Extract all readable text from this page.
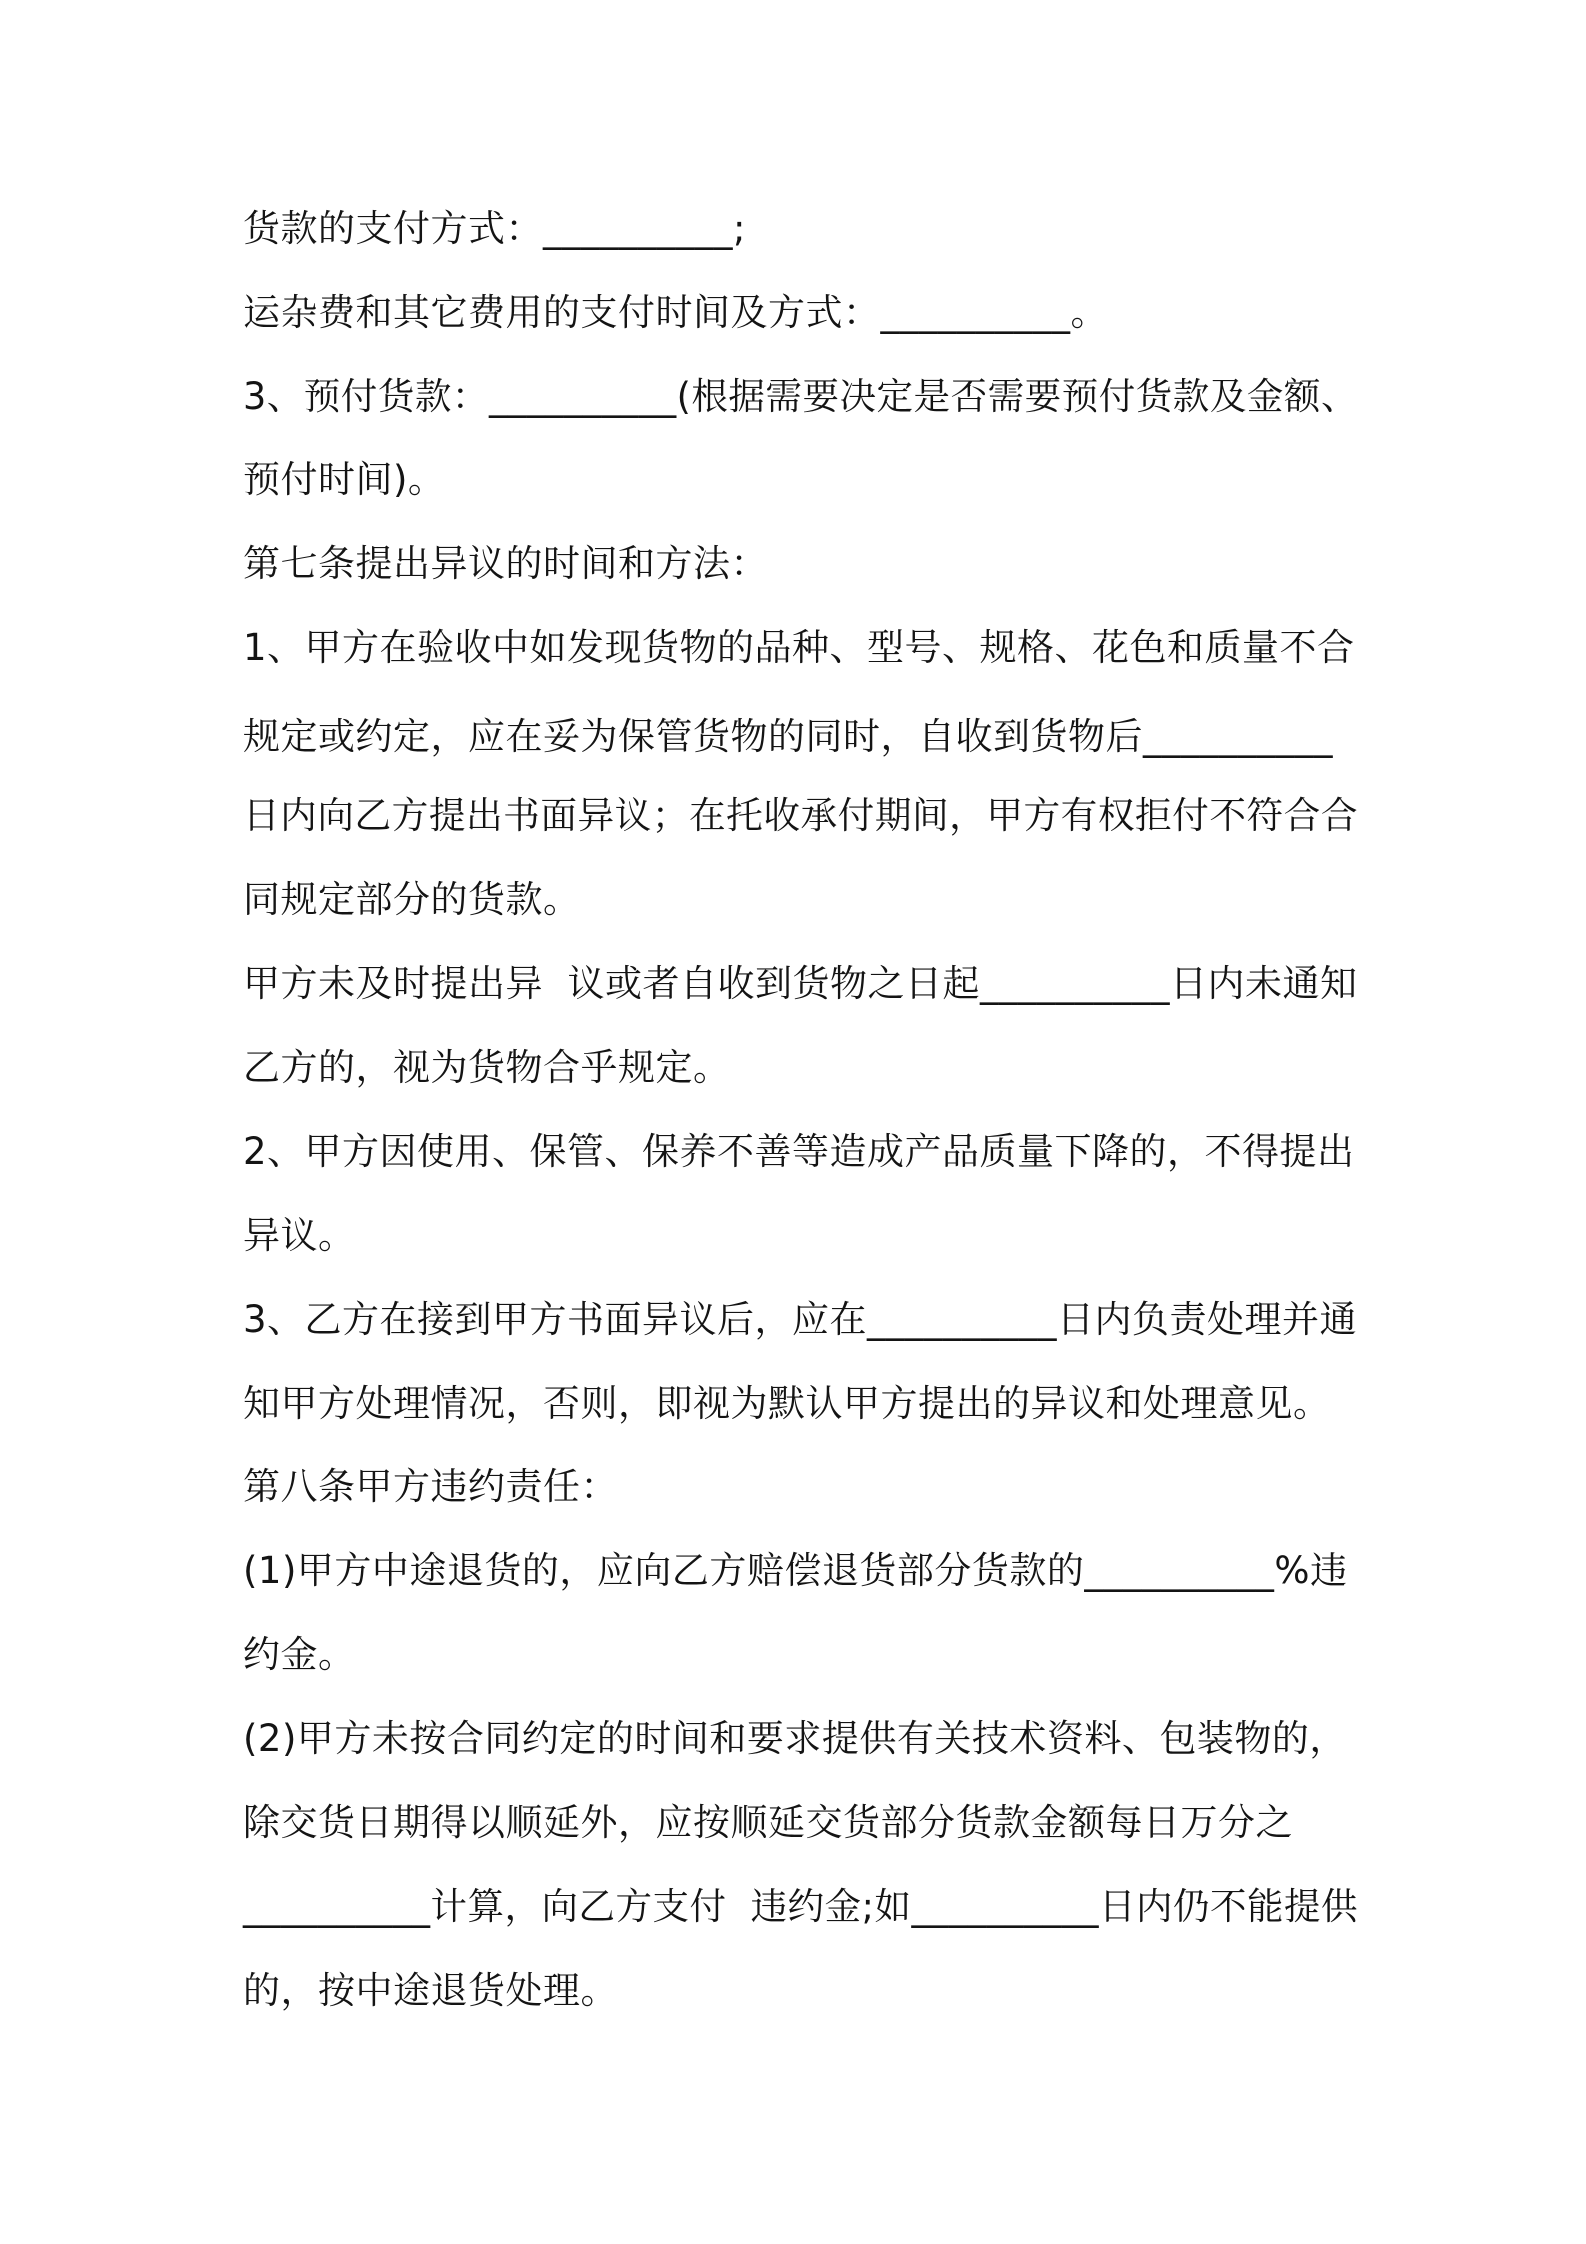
货款的支付方式：__________;
运杂费和其它费用的支付时间及方式：__________。
3、预付货款：__________(根据需要决定是否需要预付货款及金额、
预付时间)。
第七条提出异议的时间和方法：
1、甲方在验收中如发现货物的品种、型号、规格、花色和质量不合
规定或约定，应在妥为保管货物的同时，自收到货物后__________
日内向乙方提出书面异议；在托收承付期间，甲方有权拒付不符合合
同规定部分的货款。
甲方未及时提出异  议或者自收到货物之日起__________日内未通知
乙方的，视为货物合乎规定。
2、甲方因使用、保管、保养不善等造成产品质量下降的，不得提出
异议。
3、乙方在接到甲方书面异议后，应在__________日内负责处理并通
知甲方处理情况，否则，即视为默认甲方提出的异议和处理意见。
第八条甲方违约责任：
(1)甲方中途退货的，应向乙方赔偿退货部分货款的__________%违
约金。
(2)甲方未按合同约定的时间和要求提供有关技术资料、包装物的，
除交货日期得以顺延外，应按顺延交货部分货款金额每日万分之
__________计算，向乙方支付  违约金;如__________日内仍不能提供
的，按中途退货处理。
